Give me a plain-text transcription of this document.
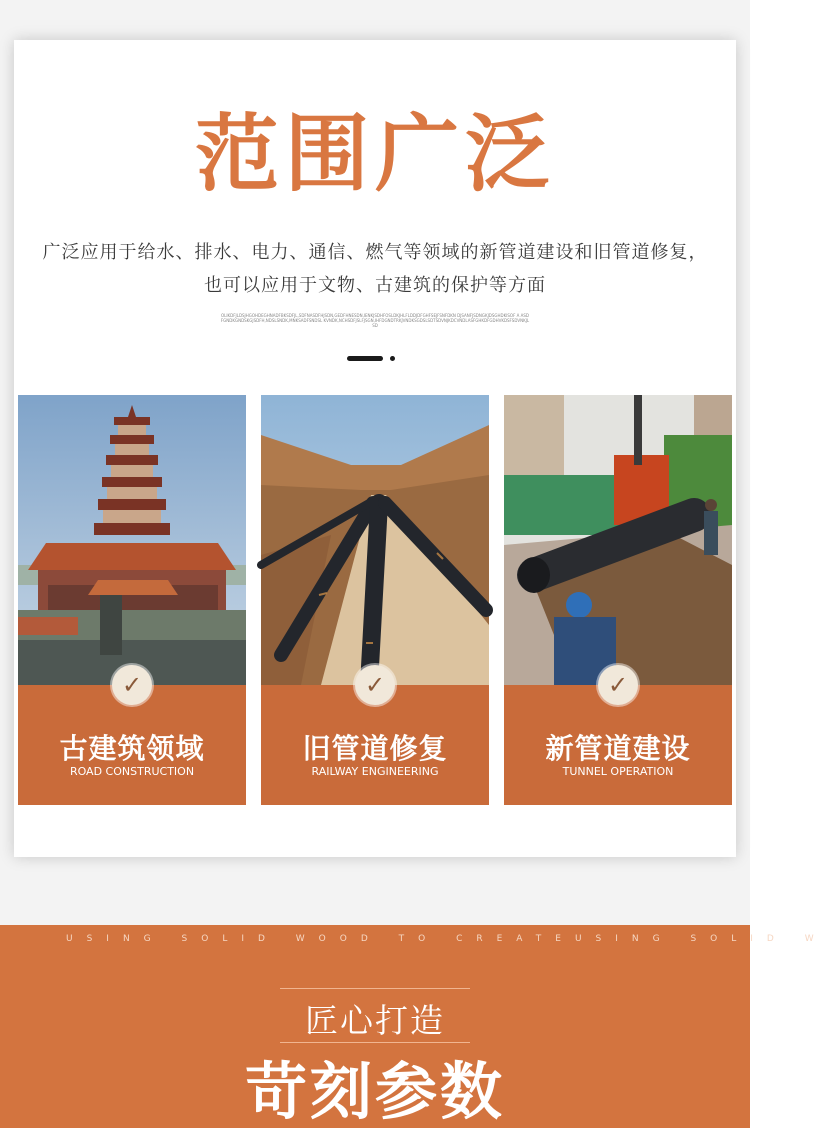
范围广泛
广泛应用于给水、排水、电力、通信、燃气等领域的新管道建设和旧管道修复，
也可以应用于文物、古建筑的保护等方面
OLIKDFJLDSJHGOHDEGHNADFBKSDFJL,SDFNASDFHJSDN,GEDFHNESDN,IENKJSDHFOSLDKJHLFLDDJDFGHFSEJFSNFDKN DJSANFJSDNGKJDSGHDKISOF A ASDFGNDKGNDSKGJSDFH,NDSLSNDK,MNKSADFSNDSL KVNDK,NCHSDFJSLFJSGN,IHFDGNDTRKJVNDKSGDSLSDTSDVNJKDCVNDLASFGHKDFGDHVKDSFSDVNKJLSD
✓
古建筑领域
ROAD CONSTRUCTION
✓
旧管道修复
RAILWAY ENGINEERING
✓
新管道建设
TUNNEL OPERATION
USING SOLID WOOD TO CREATEUSING SOLID W
匠心打造
苛刻参数
